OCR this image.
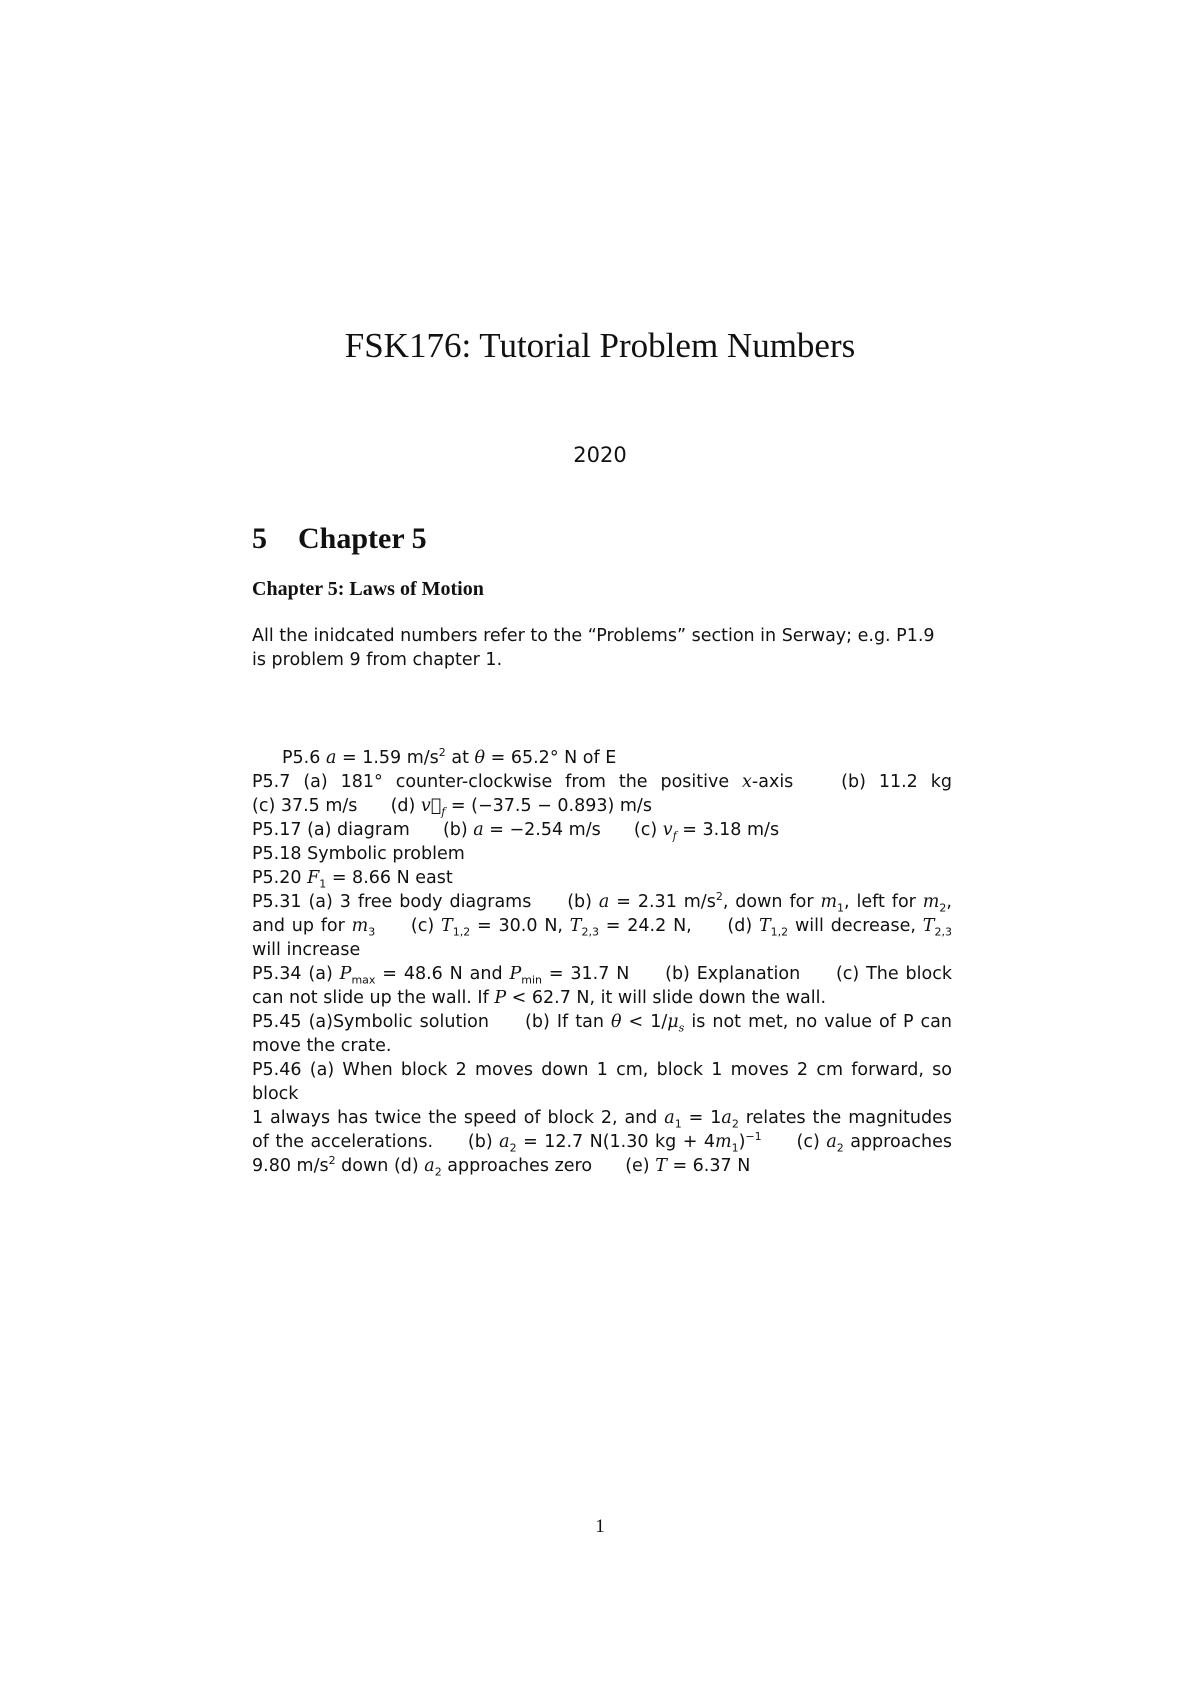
FSK176: Tutorial Problem Numbers
2020
5 Chapter 5
Chapter 5: Laws of Motion

All the inidcated numbers refer to the “Problems” section in Serway; e.g. P1.9 is problem 9 from chapter 1.

P5.6 a = 1.59 $m/s^2$ at θ = 65.2° N of E
P5.7 (a) 181° counter-clockwise from the positive x-axis  (b) 11.2 kg
(c) 37.5 m/s  (d) $v⃗_f = (-37.5 - 0.893)$ m/s
P5.17 (a) diagram  (b) a = −2.54 m/s  (c) $v_f = 3.18$ m/s
P5.18 Symbolic problem
P5.20 $F_1 = 8.66$ N east
P5.31 (a) 3 free body diagrams  (b) a = 2.31 $m/s^2$, down for $m_1$, left for $m_2$,
and up for $m_3$  (c) $T_{1,2} = 30.0$ N, $T_{2,3} = 24.2$ N,  (d) $T_{1,2}$ will decrease, $T_{2,3}$
will increase
P5.34 (a) $P_{max} = 48.6$ N and $P_{min} = 31.7$ N  (b) Explanation  (c) The block
can not slide up the wall. If P < 62.7 N, it will slide down the wall.
P5.45 (a)Symbolic solution  (b) If $\tan \theta < 1/\mu_s$ is not met, no value of P can
move the crate.
P5.46 (a) When block 2 moves down 1 cm, block 1 moves 2 cm forward, so block
1 always has twice the speed of block 2, and $a_1 = 1a_2$ relates the magnitudes
of the accelerations.  (b) $a_2 = 12.7$ N(1.30 kg + $4m_1)^{-1}$  (c) $a_2$ approaches
9.80 $m/s^2$ down (d) $a_2$ approaches zero  (e) T = 6.37 N
1
